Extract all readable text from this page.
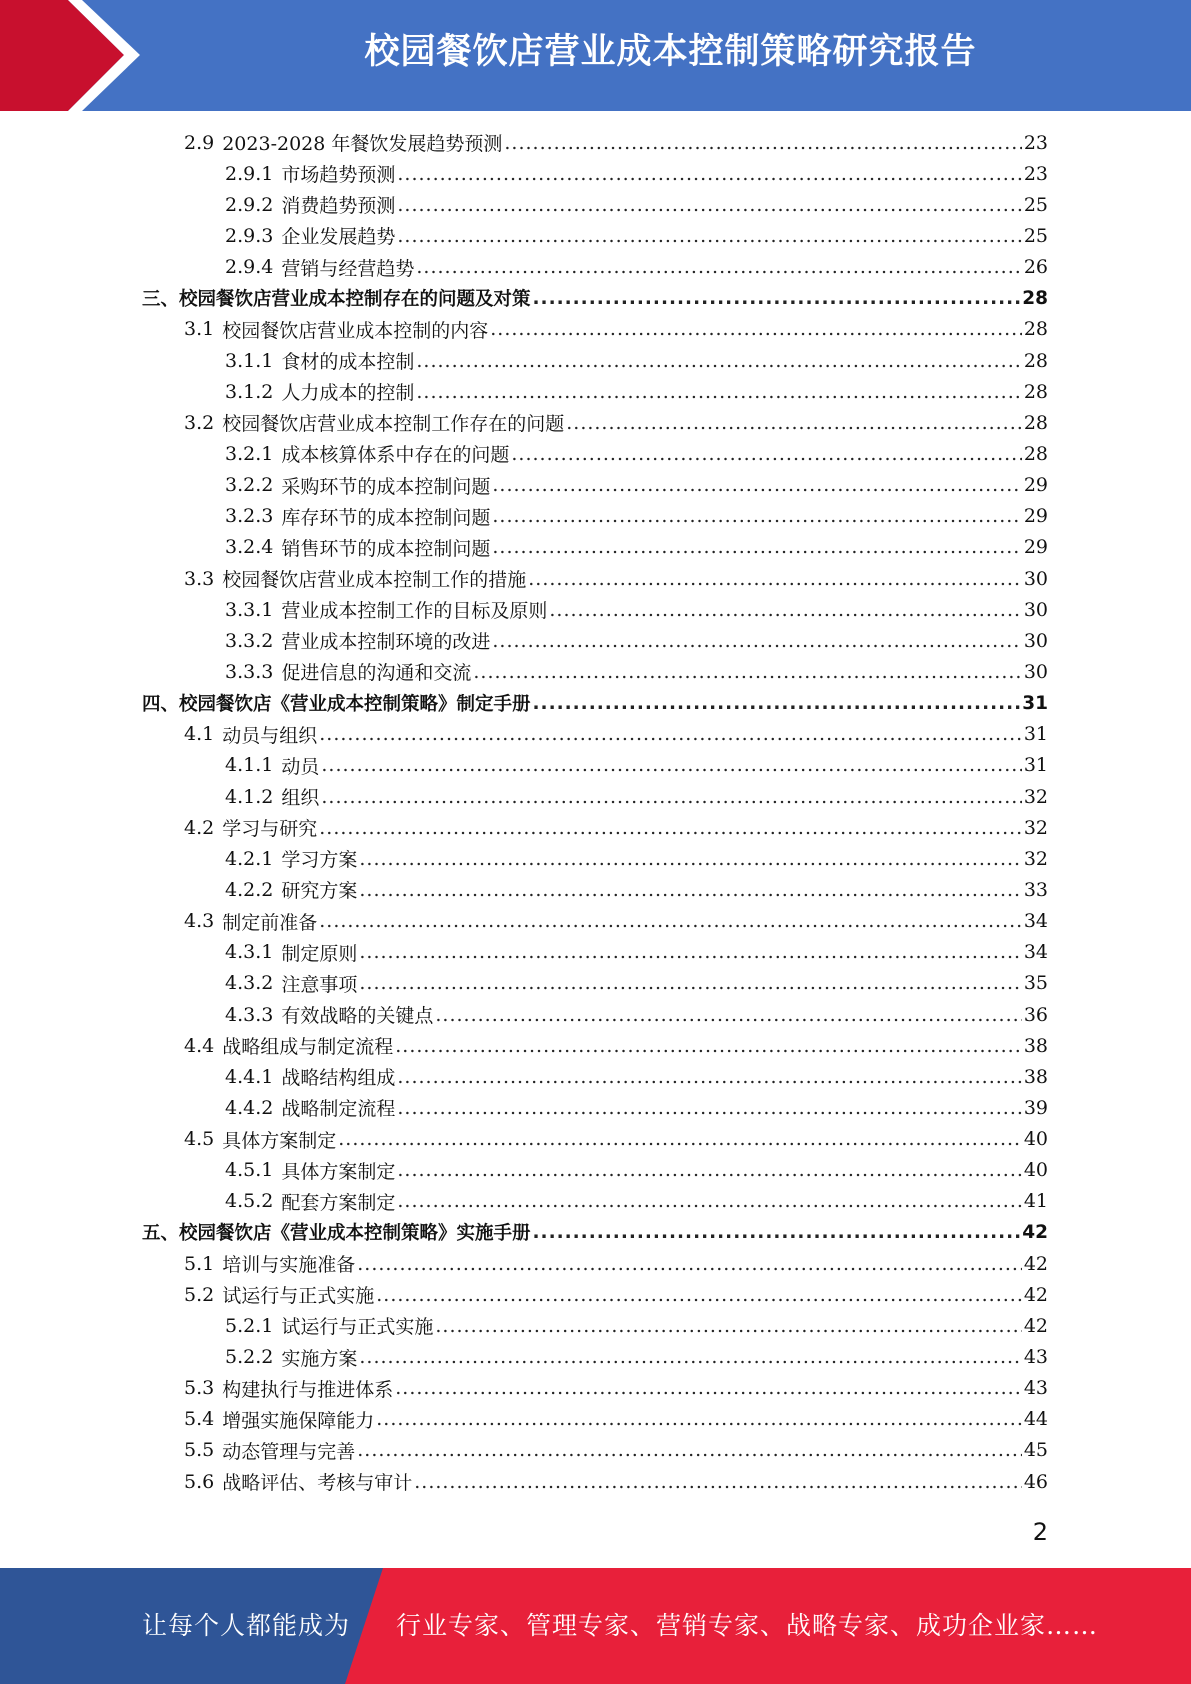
校园餐饮店营业成本控制策略研究报告
2.9 2023-2028 年餐饮发展趋势预测 .....	23
2.9.1 市场趋势预测 .....	23
2.9.2 消费趋势预测 .....	25
2.9.3 企业发展趋势 .....	25
2.9.4 营销与经营趋势 .....	26
三、校园餐饮店营业成本控制存在的问题及对策 .....	28
3.1 校园餐饮店营业成本控制的内容 .....	28
3.1.1 食材的成本控制 .....	28
3.1.2 人力成本的控制 .....	28
3.2 校园餐饮店营业成本控制工作存在的问题 .....	28
3.2.1 成本核算体系中存在的问题 .....	28
3.2.2 采购环节的成本控制问题 .....	29
3.2.3 库存环节的成本控制问题 .....	29
3.2.4 销售环节的成本控制问题 .....	29
3.3 校园餐饮店营业成本控制工作的措施 .....	30
3.3.1 营业成本控制工作的目标及原则 .....	30
3.3.2 营业成本控制环境的改进 .....	30
3.3.3 促进信息的沟通和交流 .....	30
四、校园餐饮店《营业成本控制策略》制定手册 .....	31
4.1 动员与组织 .....	31
4.1.1 动员 .....	31
4.1.2 组织 .....	32
4.2 学习与研究 .....	32
4.2.1 学习方案 .....	32
4.2.2 研究方案 .....	33
4.3 制定前准备 .....	34
4.3.1 制定原则 .....	34
4.3.2 注意事项 .....	35
4.3.3 有效战略的关键点 .....	36
4.4 战略组成与制定流程 .....	38
4.4.1 战略结构组成 .....	38
4.4.2 战略制定流程 .....	39
4.5 具体方案制定 .....	40
4.5.1 具体方案制定 .....	40
4.5.2 配套方案制定 .....	41
五、校园餐饮店《营业成本控制策略》实施手册 .....	42
5.1 培训与实施准备 .....	42
5.2 试运行与正式实施 .....	42
5.2.1 试运行与正式实施 .....	42
5.2.2 实施方案 .....	43
5.3 构建执行与推进体系 .....	43
5.4 增强实施保障能力 .....	44
5.5 动态管理与完善 .....	45
5.6 战略评估、考核与审计 .....	46
2
让每个人都能成为 行业专家、管理专家、营销专家、战略专家、成功企业家……
